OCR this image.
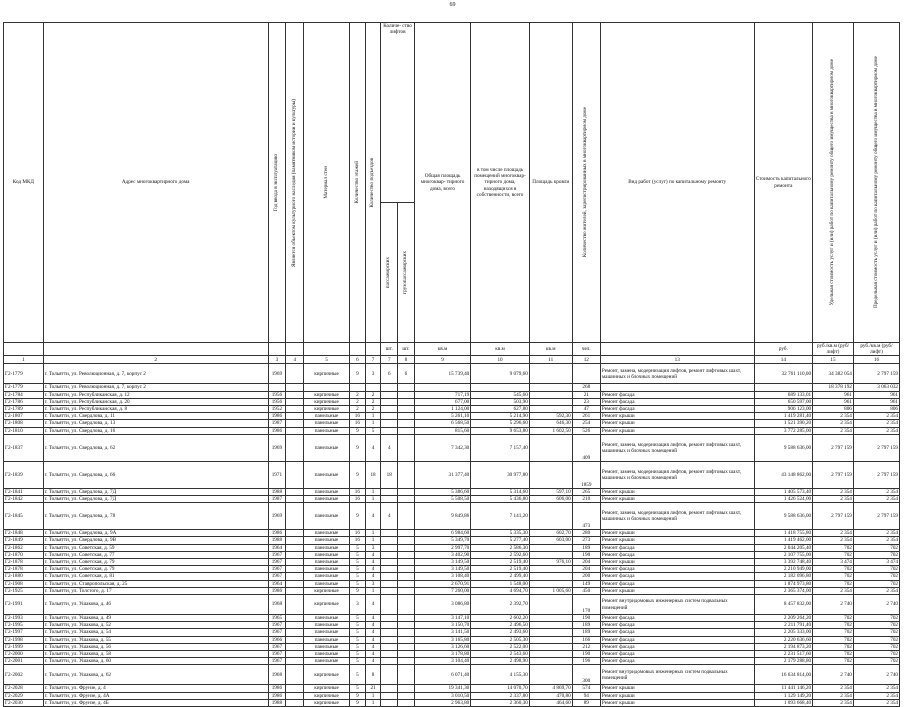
69
Код МКД	Адрес многоквартирного дома	Год ввода в эксплуатацию	Является объектом культурного наследия (памятником истории и культуры)	Материал стен	Количество этажей	Количество подъездов	Количе- ство лифтов		Общая площадь многоквар- тирного дома, всего	в том числе площадь помещений многоквар- тирного дома, находящихся в собственности, всего	Площадь кровли	Количество жителей, зарегистрированных в многоквартирном доме	Вид работ (услуг) по капитальному ремонту	Стоимость капитального ремонта	Удельная стоимость услуг и (или) работ по капитальному ремонту общего имущества в многоквартирном доме	Предельная стоимость услуг и (или) работ по капитальному ремонту общего имущества в многоквартирном доме

							пассажирских	грузопассажирских								

							шт.	шт.	кв.м	кв.м	кв.м	чел.		руб.	руб./кв.м (руб/лифт)	руб./кв.м (руб/лифт)
1	2	3	4	5	6	7	7	8	9	10	11	12	13	14	15	16
Г2-1779	г. Тольятти, ул. Революционная, д. 7, корпус 2	1969		кирпичные	9	3	6	6	15 739,40	9 079,60			Ремонт, замена, модернизация лифтов, ремонт лифтовых шахт, машинных и блочных помещений	32 761 110,00	34 382 054	2 797 159
Г2-1779	г. Тольятти, ул. Революционная, д. 7, корпус 2											268			18 378 192	3 063 032
Г2-1784	г. Тольятти, ул. Республиканская, д. 12	1956		кирпичные	2	2			717,19	545,60		21	Ремонт фасада	689 133,01	961	961
Г2-1786	г. Тольятти, ул. Республиканская, д. 20	1956		кирпичные	2	2			677,00	503,90		23	Ремонт фасада	650 597,00	961	961
Г2-1789	г. Тольятти, ул. Республиканская, д. 8	1952		кирпичные	2	2			1 124,00	627,80		47	Ремонт фасада	906 123,00	806	806
Г2-1807	г. Тольятти, ул. Свердлова, д. 11	1986		панельные	16	1			5 261,10	5 214,90	592,30	261	Ремонт крыши	1 419 281,40	2 354	2 354
Г2-1808	г. Тольятти, ул. Свердлова, д. 13	1987		панельные	16	1			6 568,50	5 296,60	646,30	254	Ремонт крыши	1 521 390,20	2 354	2 354
Г2-1810	г. Тольятти, ул. Свердлова, д. 16	1986		панельные	9	5			815,60	9 653,80	1 602,50	526	Ремонт крыши	3 772 285,00	2 354	2 354
Г2-1837	г. Тольятти, ул. Свердлова, д. 62	1969		панельные	9	4	4		7 342,30	7 157,40		409	Ремонт, замена, модернизация лифтов, ремонт лифтовых шахт, машинных и блочных помещений	9 588 636,00	2 797 159	2 797 159
Г2-1839	г. Тольятти, ул. Свердлова, д. 66	1971		панельные	9	18	18		31 377,40	30 977,80		1859	Ремонт, замена, модернизация лифтов, ремонт лифтовых шахт, машинных и блочных помещений	43 148 862,00	2 797 159	2 797 159
Г2-1841	г. Тольятти, ул. Свердлова, д. 7Д	1988		панельные	16	1			5 386,60	5 314,60	597,10	265	Ремонт крыши	1 405 573,40	2 354	2 354
Г2-1842	г. Тольятти, ул. Свердлова, д. 7Д	1987		панельные	16	1			5 508,50	5 436,80	606,00	210	Ремонт крыши	1 426 524,00	2 354	2 354
Г2-1845	г. Тольятти, ул. Свердлова, д. 78	1969		панельные	9	4	4		9 849,86	7 141,20		473	Ремонт, замена, модернизация лифтов, ремонт лифтовых шахт, машинных и блочных помещений	9 588 636,00	2 797 159	2 797 159
Г2-1848	г. Тольятти, ул. Свердлова, д. 9А	1986		панельные	16	1			6 984,60	5 335,30	602,70	280	Ремонт крыши	1 418 755,80	2 354	2 354
Г2-1849	г. Тольятти, ул. Свердлова, д. 9В	1988		панельные	16	1			5 349,70	5 277,40	603,00	273	Ремонт крыши	1 419 462,00	2 354	2 354
Г2-1862	г. Тольятти, ул. Советская, д. 59	1964		панельные	5	3			2 997,70	2 586,30		189	Ремонт фасада	2 044 205,40	702	702
Г2-1870	г. Тольятти, ул. Советская, д. 77	1967		панельные	5	4			3 402,90	2 592,60		190	Ремонт фасада	2 107 755,00	702	702
Г2-1878	г. Тольятти, ул. Советская, д. 79	1967		панельные	5	4			3 149,50	2 519,40	976,10	204	Ремонт крыши	3 392 748,40	3 474	3 474
Г2-1878	г. Тольятти, ул. Советская, д. 79	1967		панельные	5	4			3 149,50	2 519,40		204	Ремонт фасада	2 210 949,00	702	702
Г2-1880	г. Тольятти, ул. Советская, д. 81	1967		панельные	5	4			3 108,40	2 499,40		200	Ремонт фасада	2 182 096,80	702	702
Г2-1908	г. Тольятти, ул. Ставропольская, д. 25	1964		панельные	5	3			2 670,91	1 548,00		149	Ремонт фасада	1 874 973,80	702	702
Г2-1925	г. Тольятти, ул. Толстого, д. 17	1986		кирпичные	9	1			7 260,00	4 694,70	1 005,60	450	Ремонт крыши	2 365 374,00	2 354	2 354
Г2-1991	г. Тольятти, ул. Ушакова, д. 46	1968		кирпичные	3	4			3 086,80	2 392,70		170	Ремонт внутридомовых инженерных систем подвальных помещений	8 457 832,00	2 740	2 740
Г2-1993	г. Тольятти, ул. Ушакова, д. 49	1965		панельные	5	4			3 147,10	2 602,20		190	Ремонт фасада	2 209 264,20	702	702
Г2-1995	г. Тольятти, ул. Ушакова, д. 52	1967		панельные	5	4			3 150,70	2 496,50		189	Ремонт фасада	2 211 791,40	702	702
Г2-1997	г. Тольятти, ул. Ушакова, д. 54	1967		панельные	5	4			3 141,50	2 493,60		189	Ремонт фасада	2 205 333,00	702	702
Г2-1998	г. Тольятти, ул. Ушакова, д. 55	1966		панельные	5	4			3 165,80	2 505,30		166	Ремонт фасада	2 220 636,60	702	702
Г2-1999	г. Тольятти, ул. Ушакова, д. 56	1967		панельные	5	4			3 126,60	2 522,00		212	Ремонт фасада	2 194 873,20	702	702
Г2-2000	г. Тольятти, ул. Ушакова, д. 58	1967		панельные	5	4			3 178,80	2 543,60		190	Ремонт фасада	2 231 517,60	702	702
Г2-2001	г. Тольятти, ул. Ушакова, д. 60	1967		панельные	5	4			3 104,40	2 498,90		196	Ремонт фасада	2 179 288,80	702	702
Г2-2002	г. Тольятти, ул. Ушакова, д. 62	1968		кирпичные	5	8			6 071,40	4 155,30		300	Ремонт внутридомовых инженерных систем подвальных помещений	16 634 814,00	2 740	2 740
Г2-2028	г. Тольятти, ул. Фрунзе, д. 4	1986		кирпичные	5	21			19 341,30	14 070,70	4 869,70	574	Ремонт крыши	11 441 146,20	2 354	2 354
Г2-2029	г. Тольятти, ул. Фрунзе, д. 4А	1986		кирпичные	9	1			3 010,50	2 337,80	470,80	94	Ремонт крыши	1 129 149,20	2 354	2 354
Г2-2030	г. Тольятти, ул. Фрунзе, д. 4Б	1988		кирпичные	9	1			2 963,80	2 360,30	464,60	89	Ремонт крыши	1 093 668,40	2 354	2 354
